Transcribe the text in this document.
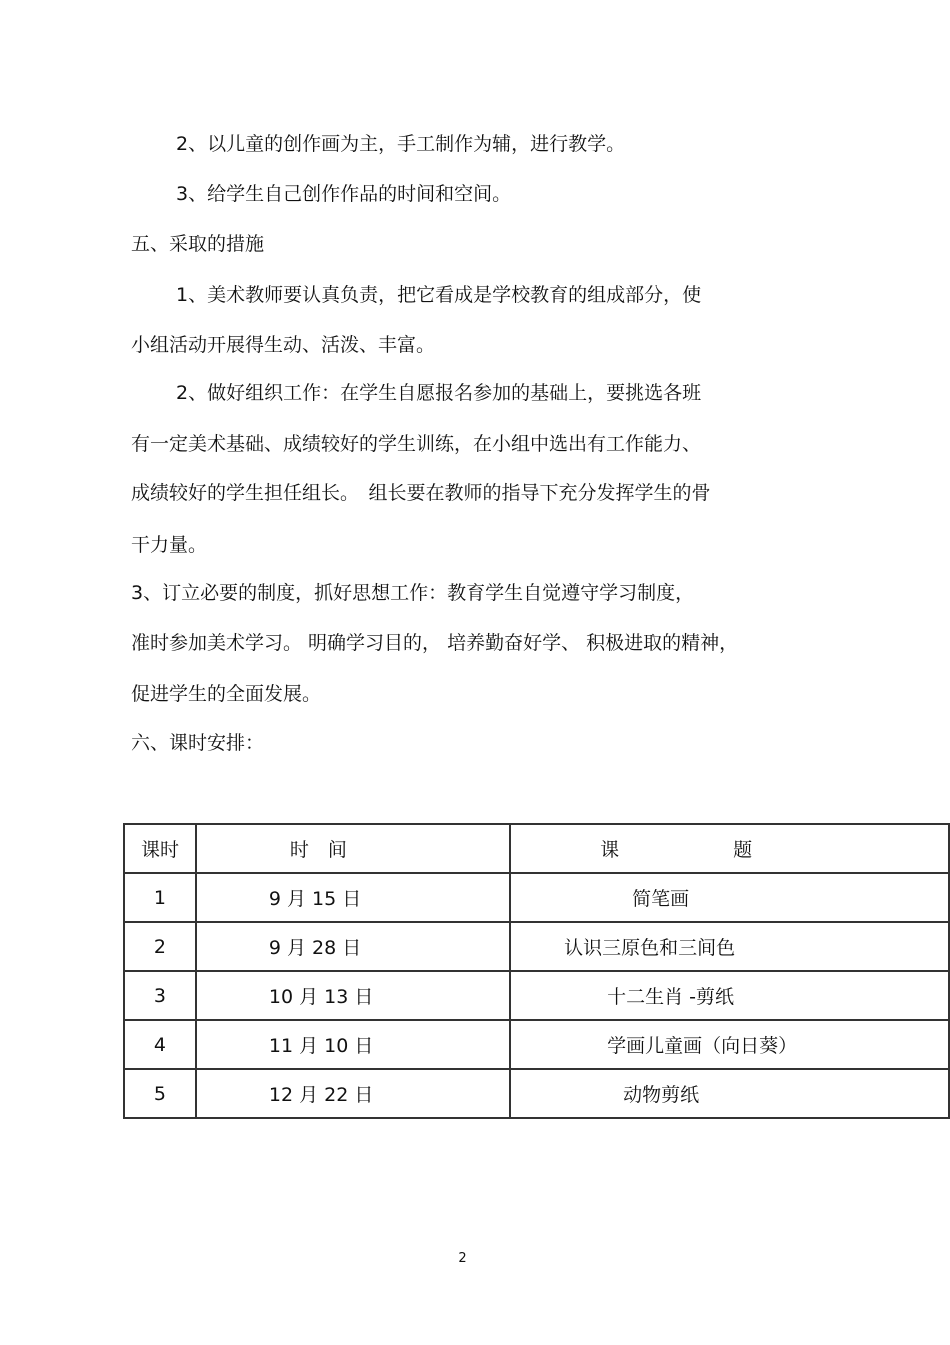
2、以儿童的创作画为主，手工制作为辅，进行教学。
3、给学生自己创作作品的时间和空间。
五、采取的措施
1、美术教师要认真负责，把它看成是学校教育的组成部分，使
小组活动开展得生动、活泼、丰富。
2、做好组织工作：在学生自愿报名参加的基础上，要挑选各班
有一定美术基础、成绩较好的学生训练，在小组中选出有工作能力、
成绩较好的学生担任组长。　组长要在教师的指导下充分发挥学生的骨
干力量。
3、订立必要的制度，抓好思想工作：教育学生自觉遵守学习制度，
准时参加美术学习。 明确学习目的， 培养勤奋好学、 积极进取的精神，
促进学生的全面发展。
六、课时安排：
课时	时　间	课　　　　　　题
1	9 月 15 日	简笔画
2	9 月 28 日	认识三原色和三间色
3	10 月 13 日	十二生肖 -剪纸
4	11 月 10 日	学画儿童画（向日葵）
5	12 月 22 日	动物剪纸
2
